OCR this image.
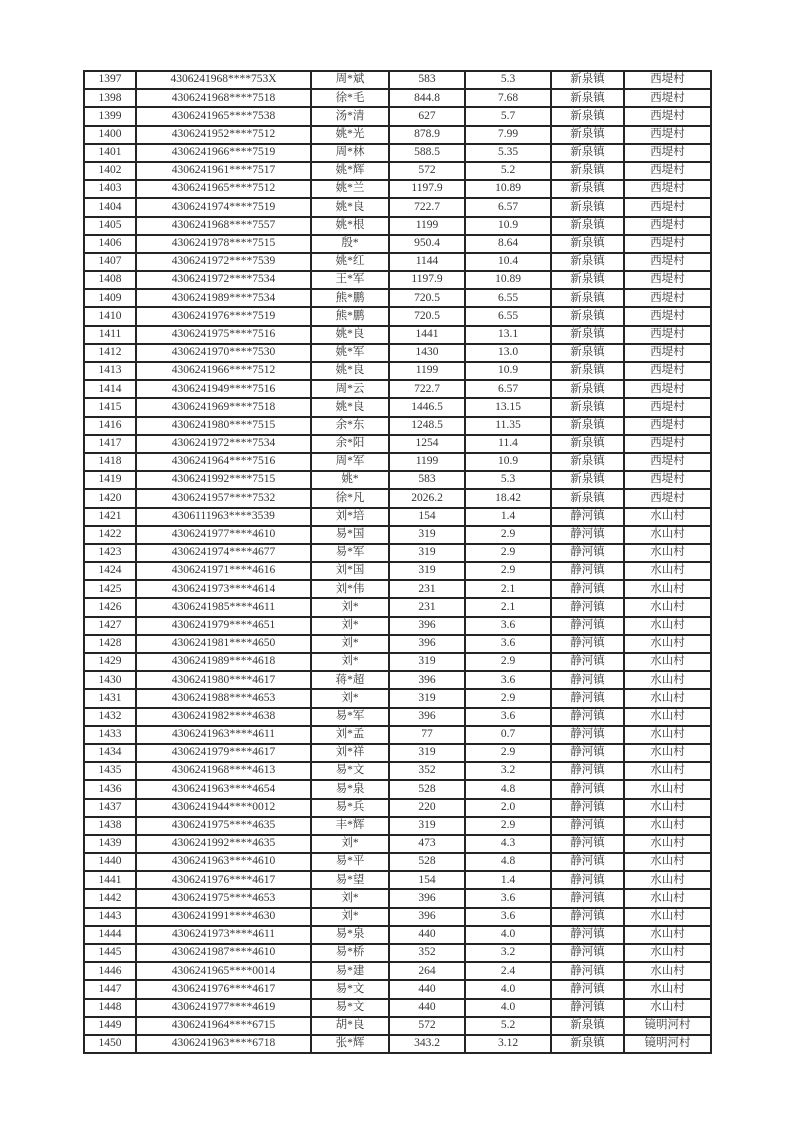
1397	4306241968****753X	周*斌	583	5.3	新泉镇	西堤村
1398	4306241968****7518	徐*毛	844.8	7.68	新泉镇	西堤村
1399	4306241965****7538	汤*清	627	5.7	新泉镇	西堤村
1400	4306241952****7512	姚*光	878.9	7.99	新泉镇	西堤村
1401	4306241966****7519	周*林	588.5	5.35	新泉镇	西堤村
1402	4306241961****7517	姚*辉	572	5.2	新泉镇	西堤村
1403	4306241965****7512	姚*兰	1197.9	10.89	新泉镇	西堤村
1404	4306241974****7519	姚*良	722.7	6.57	新泉镇	西堤村
1405	4306241968****7557	姚*根	1199	10.9	新泉镇	西堤村
1406	4306241978****7515	殷*	950.4	8.64	新泉镇	西堤村
1407	4306241972****7539	姚*红	1144	10.4	新泉镇	西堤村
1408	4306241972****7534	王*军	1197.9	10.89	新泉镇	西堤村
1409	4306241989****7534	熊*鹏	720.5	6.55	新泉镇	西堤村
1410	4306241976****7519	熊*鹏	720.5	6.55	新泉镇	西堤村
1411	4306241975****7516	姚*良	1441	13.1	新泉镇	西堤村
1412	4306241970****7530	姚*军	1430	13.0	新泉镇	西堤村
1413	4306241966****7512	姚*良	1199	10.9	新泉镇	西堤村
1414	4306241949****7516	周*云	722.7	6.57	新泉镇	西堤村
1415	4306241969****7518	姚*良	1446.5	13.15	新泉镇	西堤村
1416	4306241980****7515	余*东	1248.5	11.35	新泉镇	西堤村
1417	4306241972****7534	余*阳	1254	11.4	新泉镇	西堤村
1418	4306241964****7516	周*军	1199	10.9	新泉镇	西堤村
1419	4306241992****7515	姚*	583	5.3	新泉镇	西堤村
1420	4306241957****7532	徐*凡	2026.2	18.42	新泉镇	西堤村
1421	4306111963****3539	刘*培	154	1.4	静河镇	水山村
1422	4306241977****4610	易*国	319	2.9	静河镇	水山村
1423	4306241974****4677	易*军	319	2.9	静河镇	水山村
1424	4306241971****4616	刘*国	319	2.9	静河镇	水山村
1425	4306241973****4614	刘*伟	231	2.1	静河镇	水山村
1426	4306241985****4611	刘*	231	2.1	静河镇	水山村
1427	4306241979****4651	刘*	396	3.6	静河镇	水山村
1428	4306241981****4650	刘*	396	3.6	静河镇	水山村
1429	4306241989****4618	刘*	319	2.9	静河镇	水山村
1430	4306241980****4617	蒋*超	396	3.6	静河镇	水山村
1431	4306241988****4653	刘*	319	2.9	静河镇	水山村
1432	4306241982****4638	易*军	396	3.6	静河镇	水山村
1433	4306241963****4611	刘*孟	77	0.7	静河镇	水山村
1434	4306241979****4617	刘*祥	319	2.9	静河镇	水山村
1435	4306241968****4613	易*文	352	3.2	静河镇	水山村
1436	4306241963****4654	易*泉	528	4.8	静河镇	水山村
1437	4306241944****0012	易*兵	220	2.0	静河镇	水山村
1438	4306241975****4635	丰*辉	319	2.9	静河镇	水山村
1439	4306241992****4635	刘*	473	4.3	静河镇	水山村
1440	4306241963****4610	易*平	528	4.8	静河镇	水山村
1441	4306241976****4617	易*望	154	1.4	静河镇	水山村
1442	4306241975****4653	刘*	396	3.6	静河镇	水山村
1443	4306241991****4630	刘*	396	3.6	静河镇	水山村
1444	4306241973****4611	易*泉	440	4.0	静河镇	水山村
1445	4306241987****4610	易*桥	352	3.2	静河镇	水山村
1446	4306241965****0014	易*建	264	2.4	静河镇	水山村
1447	4306241976****4617	易*文	440	4.0	静河镇	水山村
1448	4306241977****4619	易*文	440	4.0	静河镇	水山村
1449	4306241964****6715	胡*良	572	5.2	新泉镇	镜明河村
1450	4306241963****6718	张*辉	343.2	3.12	新泉镇	镜明河村
